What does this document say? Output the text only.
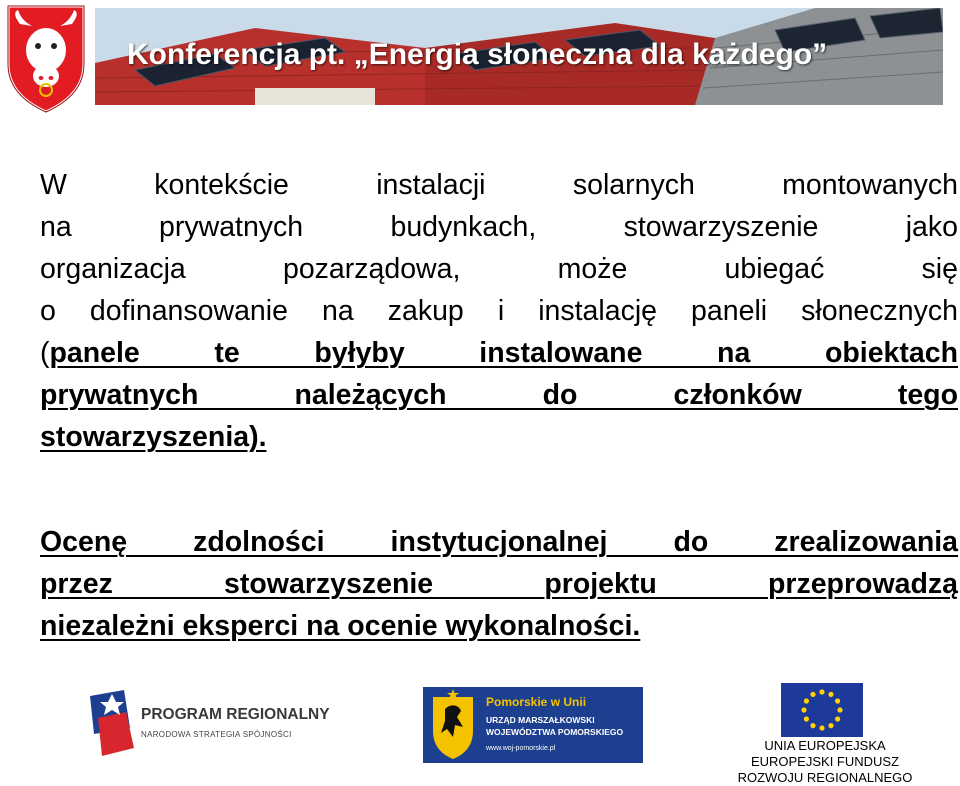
Konferencja pt. „Energia słoneczna dla każdego”
W kontekście instalacji solarnych montowanych
na prywatnych budynkach, stowarzyszenie jako
organizacja pozarządowa, może ubiegać się
o dofinansowanie na zakup i instalację paneli słonecznych
(panele te byłyby instalowane na obiektach
prywatnych należących do członków tego
stowarzyszenia).
Ocenę zdolności instytucjonalnej do zrealizowania
przez stowarzyszenie projektu przeprowadzą
niezależni eksperci na ocenie wykonalności.
PROGRAM REGIONALNY
NARODOWA STRATEGIA SPÓJNOŚCI
Pomorskie w Unii
URZĄD MARSZAŁKOWSKI
WOJEWÓDZTWA POMORSKIEGO
www.woj-pomorskie.pl	UNIA EUROPEJSKA
EUROPEJSKI FUNDUSZ
ROZWOJU REGIONALNEGO
